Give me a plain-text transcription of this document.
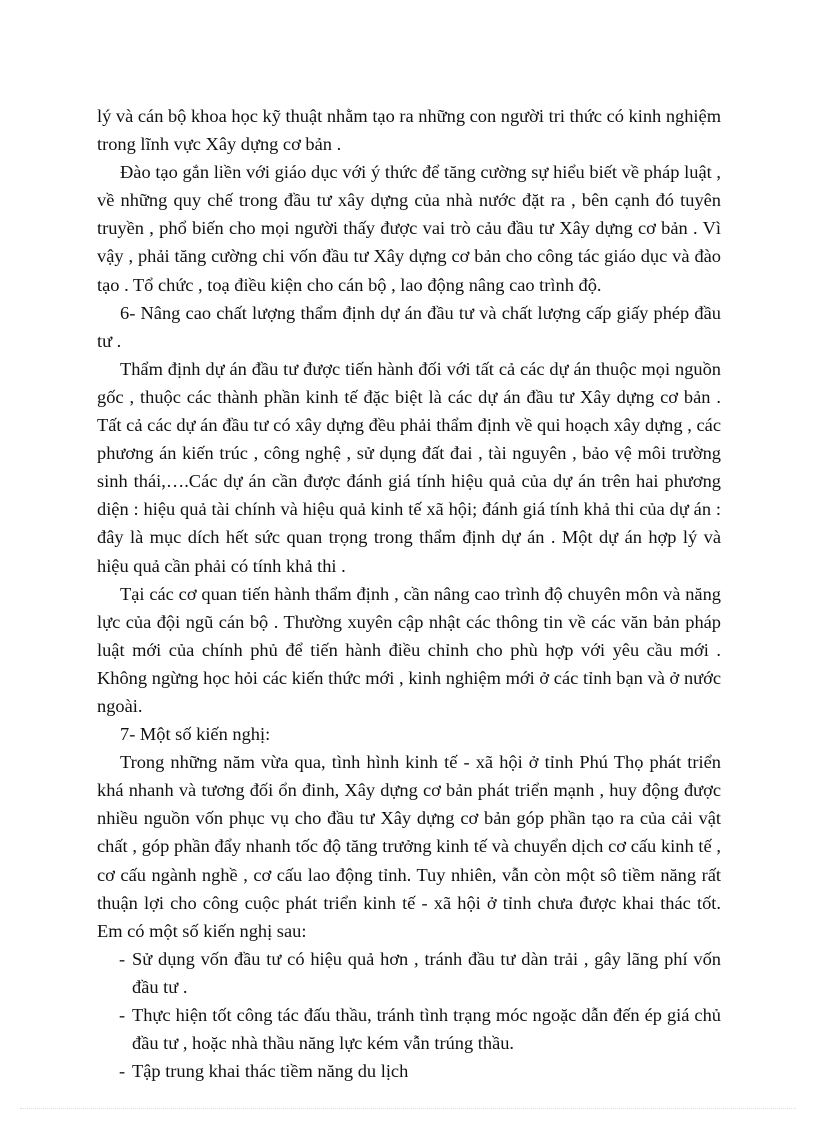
lý và cán bộ khoa học kỹ thuật nhằm tạo ra những con người tri thức có kinh nghiệm trong lĩnh vực Xây dựng cơ bản .

Đào tạo gắn liền với giáo dục với ý thức để tăng cường sự hiểu biết về pháp luật , về những quy chế trong đầu tư xây dựng của nhà nước đặt ra , bên cạnh đó tuyên truyền , phổ biến cho mọi người thấy được vai trò cảu đầu tư Xây dựng cơ bản . Vì vậy , phải tăng cường chi vốn đầu tư Xây dựng cơ bản cho công tác giáo dục và đào tạo . Tổ chức , toạ điều kiện cho cán bộ , lao động nâng cao trình độ.

6- Nâng cao chất lượng thẩm định dự án đầu tư và chất lượng cấp giấy phép đầu tư .

Thẩm định dự án đầu tư được tiến hành đối với tất cả các dự án thuộc mọi nguồn gốc , thuộc các thành phần kinh tế đặc biệt là các dự án đầu tư Xây dựng cơ bản . Tất cả các dự án đầu tư có xây dựng đều phải thẩm định về qui hoạch xây dựng , các phương án kiến trúc , công nghệ , sử dụng đất đai , tài nguyên , bảo vệ môi trường sinh thái,….Các dự án cần được đánh giá tính hiệu quả của dự án trên hai phương diện : hiệu quả tài chính và hiệu quả kinh tế xã hội; đánh giá tính khả thi của dự án : đây là mục dích hết sức quan trọng trong thẩm định dự án . Một dự án hợp lý và hiệu quả cần phải có tính khả thi .

Tại các cơ quan tiến hành thẩm định , cần nâng cao trình độ chuyên môn và năng lực của đội ngũ cán bộ . Thường xuyên cập nhật các thông tin về các văn bản pháp luật mới của chính phủ để tiến hành điều chỉnh cho phù hợp với yêu cầu mới . Không ngừng học hỏi các kiến thức mới , kinh nghiệm mới ở các tỉnh bạn và ở nước ngoài.

7- Một số kiến nghị:

Trong những năm vừa qua, tình hình kinh tế - xã hội ở tỉnh Phú Thọ phát triển khá nhanh và tương đối ổn đinh, Xây dựng cơ bản phát triển mạnh , huy động được nhiều nguồn vốn phục vụ cho đầu tư Xây dựng cơ bản góp phần tạo ra của cải vật chất , góp phần đẩy nhanh tốc độ tăng trưởng kinh tế và chuyển dịch cơ cấu kinh tế , cơ cấu ngành nghề , cơ cấu lao động tỉnh. Tuy nhiên, vẫn còn một sô tiềm năng rất thuận lợi cho công cuộc phát triển kinh tế - xã hội ở tỉnh chưa được khai thác tốt. Em có một số kiến nghị sau:

- Sử dụng vốn đầu tư có hiệu quả hơn , tránh đầu tư dàn trải , gây lãng phí vốn đầu tư .
- Thực hiện tốt công tác đấu thầu, tránh tình trạng móc ngoặc dẫn đến ép giá chủ đầu tư , hoặc nhà thầu năng lực kém vẫn trúng thầu.
- Tập trung khai thác tiềm năng du lịch
